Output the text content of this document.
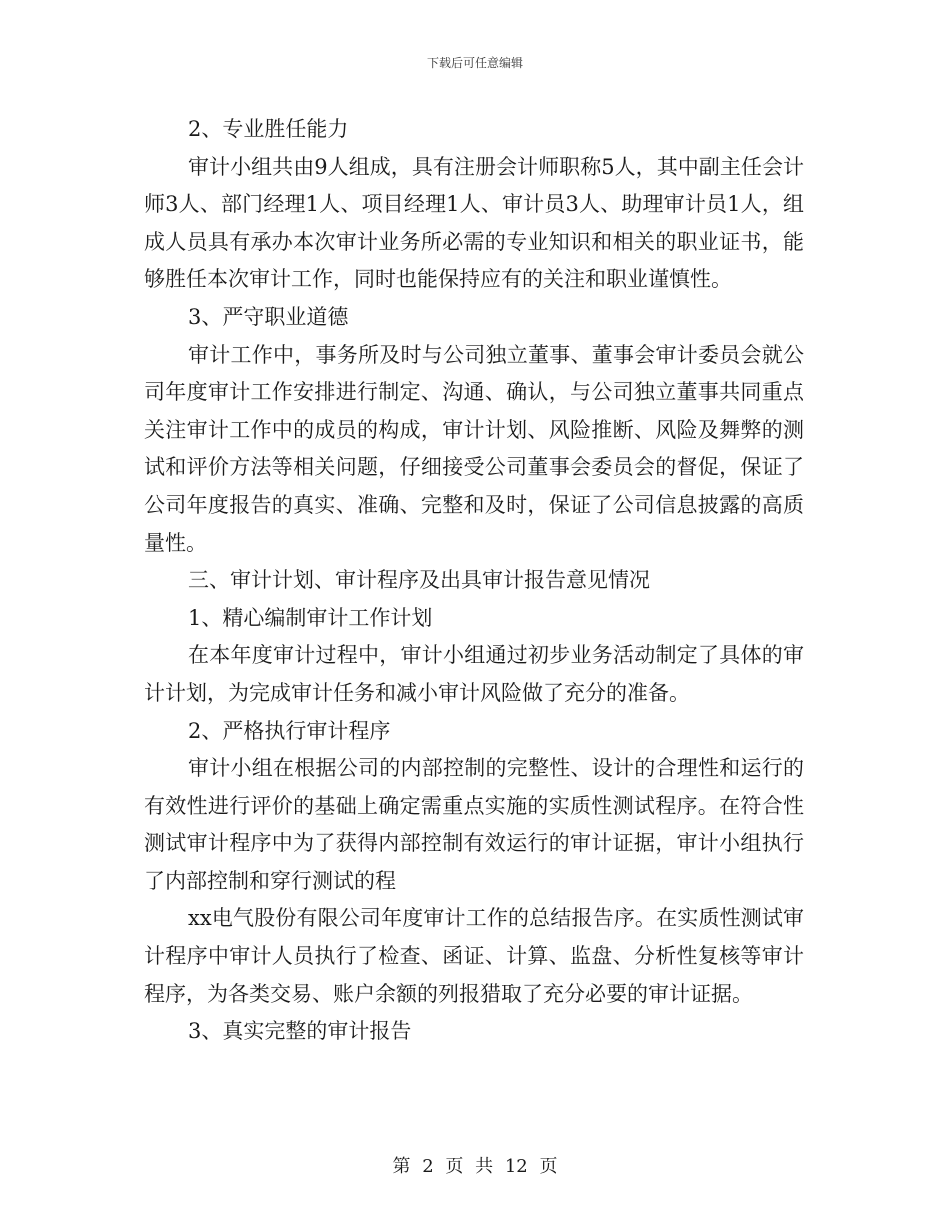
下载后可任意编辑

2、专业胜任能力

审计小组共由9人组成，具有注册会计师职称5人，其中副主任会计师3人、部门经理1人、项目经理1人、审计员3人、助理审计员1人，组成人员具有承办本次审计业务所必需的专业知识和相关的职业证书，能够胜任本次审计工作，同时也能保持应有的关注和职业谨慎性。

3、严守职业道德

审计工作中，事务所及时与公司独立董事、董事会审计委员会就公司年度审计工作安排进行制定、沟通、确认，与公司独立董事共同重点关注审计工作中的成员的构成，审计计划、风险推断、风险及舞弊的测试和评价方法等相关问题，仔细接受公司董事会委员会的督促，保证了公司年度报告的真实、准确、完整和及时，保证了公司信息披露的高质量性。

三、审计计划、审计程序及出具审计报告意见情况

1、精心编制审计工作计划

在本年度审计过程中，审计小组通过初步业务活动制定了具体的审计计划，为完成审计任务和减小审计风险做了充分的准备。

2、严格执行审计程序

审计小组在根据公司的内部控制的完整性、设计的合理性和运行的有效性进行评价的基础上确定需重点实施的实质性测试程序。在符合性测试审计程序中为了获得内部控制有效运行的审计证据，审计小组执行了内部控制和穿行测试的程

xx电气股份有限公司年度审计工作的总结报告序。在实质性测试审计程序中审计人员执行了检查、函证、计算、监盘、分析性复核等审计程序，为各类交易、账户余额的列报猎取了充分必要的审计证据。

3、真实完整的审计报告

第 2 页 共 12 页
